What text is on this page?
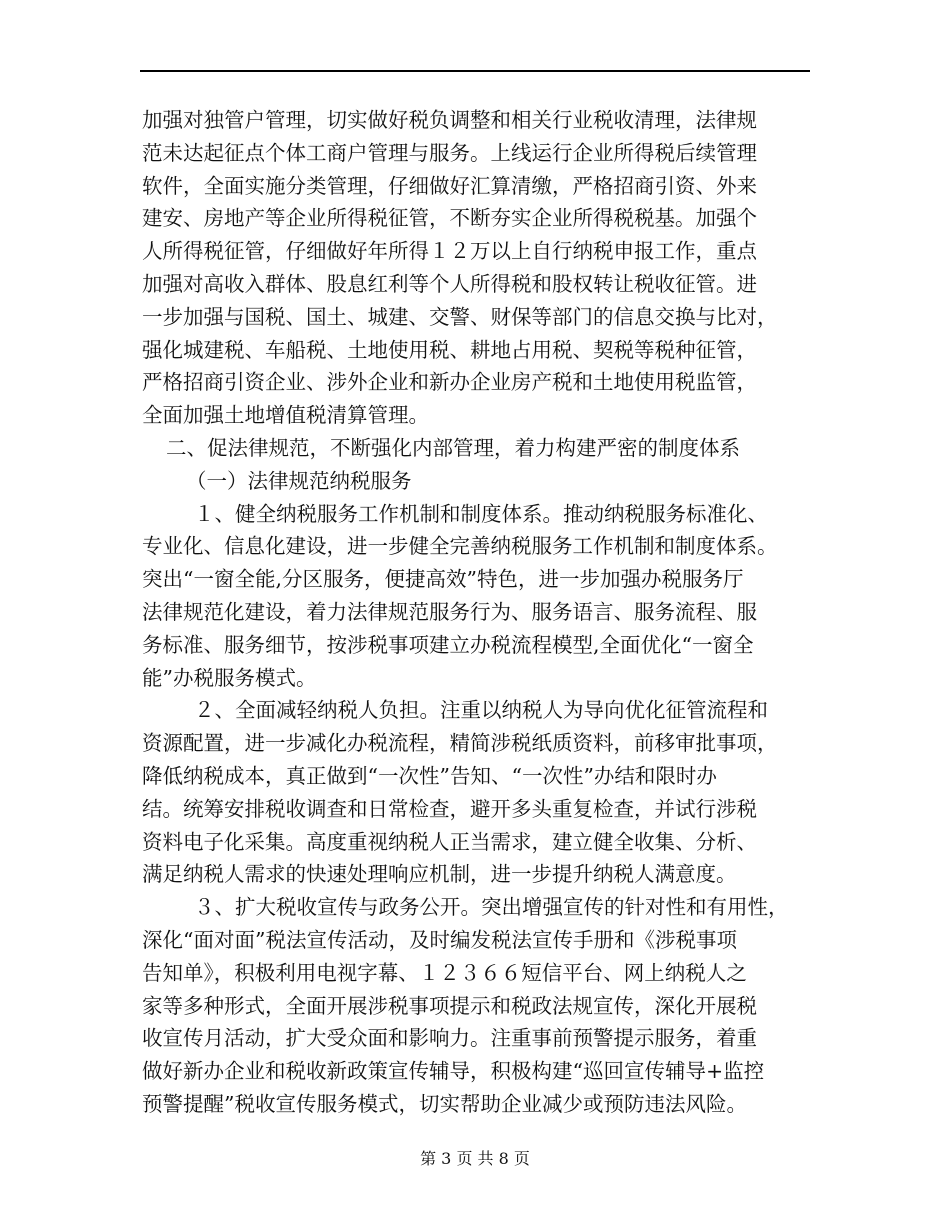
加强对独管户管理，切实做好税负调整和相关行业税收清理，法律规
范未达起征点个体工商户管理与服务。上线运行企业所得税后续管理
软件，全面实施分类管理，仔细做好汇算清缴，严格招商引资、外来
建安、房地产等企业所得税征管，不断夯实企业所得税税基。加强个
人所得税征管，仔细做好年所得１２万以上自行纳税申报工作，重点
加强对高收入群体、股息红利等个人所得税和股权转让税收征管。进
一步加强与国税、国土、城建、交警、财保等部门的信息交换与比对，
强化城建税、车船税、土地使用税、耕地占用税、契税等税种征管，
严格招商引资企业、涉外企业和新办企业房产税和土地使用税监管，
全面加强土地增值税清算管理。
二、促法律规范，不断强化内部管理，着力构建严密的制度体系
（一）法律规范纳税服务
１、健全纳税服务工作机制和制度体系。推动纳税服务标准化、
专业化、信息化建设，进一步健全完善纳税服务工作机制和制度体系。
突出“一窗全能,分区服务，便捷高效”特色，进一步加强办税服务厅
法律规范化建设，着力法律规范服务行为、服务语言、服务流程、服
务标准、服务细节，按涉税事项建立办税流程模型,全面优化“一窗全
能”办税服务模式。
２、全面减轻纳税人负担。注重以纳税人为导向优化征管流程和
资源配置，进一步减化办税流程，精简涉税纸质资料，前移审批事项，
降低纳税成本，真正做到“一次性”告知、“一次性”办结和限时办
结。统筹安排税收调查和日常检查，避开多头重复检查，并试行涉税
资料电子化采集。高度重视纳税人正当需求，建立健全收集、分析、
满足纳税人需求的快速处理响应机制，进一步提升纳税人满意度。
３、扩大税收宣传与政务公开。突出增强宣传的针对性和有用性，
深化“面对面”税法宣传活动，及时编发税法宣传手册和《涉税事项
告知单》，积极利用电视字幕、１２３６６短信平台、网上纳税人之
家等多种形式，全面开展涉税事项提示和税政法规宣传，深化开展税
收宣传月活动，扩大受众面和影响力。注重事前预警提示服务，着重
做好新办企业和税收新政策宣传辅导，积极构建“巡回宣传辅导+监控
预警提醒”税收宣传服务模式，切实帮助企业减少或预防违法风险。
第 3 页 共 8 页
